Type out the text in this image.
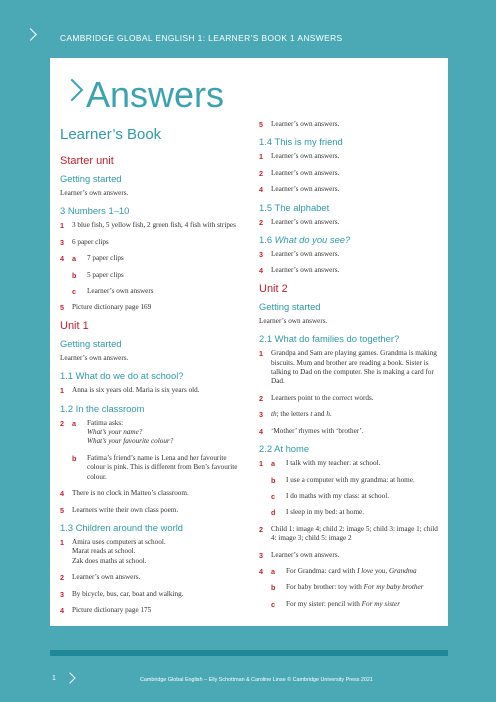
CAMBRIDGE GLOBAL ENGLISH 1: LEARNER’S BOOK 1 ANSWERS
Answers
Learner’s Book
Starter unit
Getting started
Learner’s own answers.
3 Numbers 1–10
1	3 blue fish, 5 yellow fish, 2 green fish, 4 fish with stripes
3	6 paper clips
4	a	7 paper clips
b	5 paper clips
c	Learner’s own answers
5	Picture dictionary page 169
Unit 1
Getting started
Learner’s own answers.
1.1 What do we do at school?
1	Anna is six years old. Maria is six years old.
1.2 In the classroom
2	a	Fatima asks:
What’s your name?
What’s your favourite colour?
b	Fatima’s friend’s name is Lena and her favourite colour is pink. This is different from Ben’s favourite colour.
4	There is no clock in Matteo’s classroom.
5	Learners write their own class poem.
1.3 Children around the world
1	Amira uses computers at school.
Marat reads at school.
Zak does maths at school.
2	Learner’s own answers.
3	By bicycle, bus, car, boat and walking.
4	Picture dictionary page 175
5	Learner’s own answers.
1.4 This is my friend
1	Learner’s own answers.
2	Learner’s own answers.
4	Learner’s own answers.
1.5 The alphabet
2	Learner’s own answers.
1.6 What do you see?
3	Learner’s own answers.
4	Learner’s own answers.
Unit 2
Getting started
Learner’s own answers.
2.1 What do families do together?
1	Grandpa and Sam are playing games. Grandma is making biscuits. Mum and brother are reading a book. Sister is talking to Dad on the computer. She is making a card for Dad.
2	Learners point to the correct words.
3	th; the letters t and h.
4	‘Mother’ rhymes with ‘brother’.
2.2 At home
1	a	I talk with my teacher: at school.
b	I use a computer with my grandma: at home.
c	I do maths with my class: at school.
d	I sleep in my bed: at home.
2	Child 1: image 4; child 2: image 5; child 3: image 1; child 4: image 3; child 5: image 2
3	Learner’s own answers.
4	a	For Grandma: card with I love you, Grandma
b	For baby brother: toy with For my baby brother
c	For my sister: pencil with For my sister
1	Cambridge Global English – Elly Schottman & Caroline Linse © Cambridge University Press 2021
